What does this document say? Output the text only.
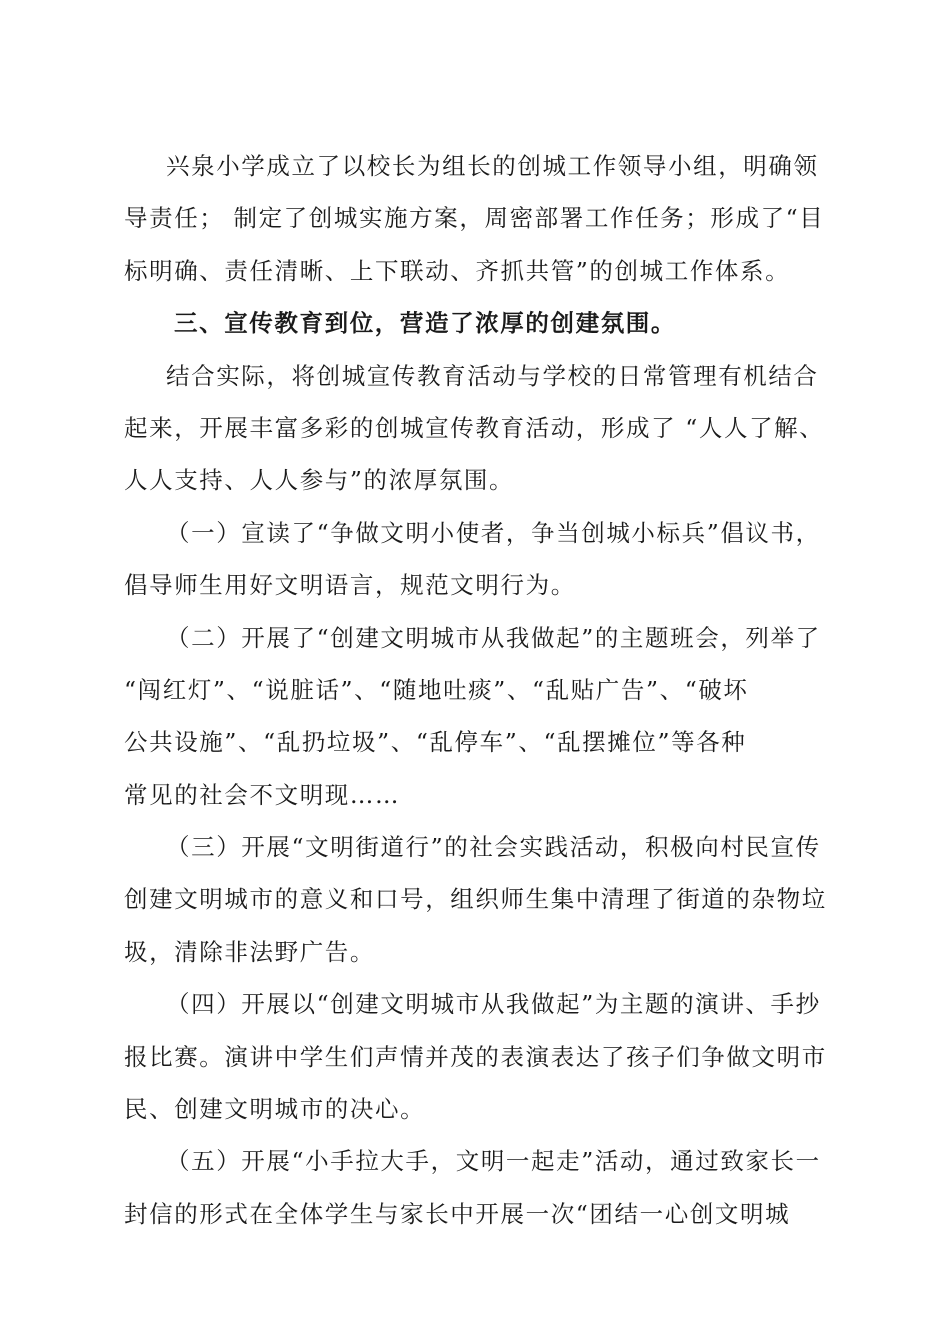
兴泉小学成立了以校长为组长的创城工作领导小组，明确领
导责任； 制定了创城实施方案，周密部署工作任务；形成了“目
标明确、责任清晰、上下联动、齐抓共管”的创城工作体系。
三、宣传教育到位，营造了浓厚的创建氛围。
结合实际，将创城宣传教育活动与学校的日常管理有机结合
起来，开展丰富多彩的创城宣传教育活动，形成了 “人人了解、
人人支持、人人参与”的浓厚氛围。
（一）宣读了“争做文明小使者，争当创城小标兵”倡议书，
倡导师生用好文明语言，规范文明行为。
（二）开展了“创建文明城市从我做起”的主题班会，列举了
“闯红灯”、“说脏话”、“随地吐痰”、“乱贴广告”、“破坏
公共设施”、“乱扔垃圾”、“乱停车”、“乱摆摊位”等各种
常见的社会不文明现……
（三）开展“文明街道行”的社会实践活动，积极向村民宣传
创建文明城市的意义和口号，组织师生集中清理了街道的杂物垃
圾，清除非法野广告。
（四）开展以“创建文明城市从我做起”为主题的演讲、手抄
报比赛。演讲中学生们声情并茂的表演表达了孩子们争做文明市
民、创建文明城市的决心。
（五）开展“小手拉大手，文明一起走”活动，通过致家长一
封信的形式在全体学生与家长中开展一次“团结一心创文明城
